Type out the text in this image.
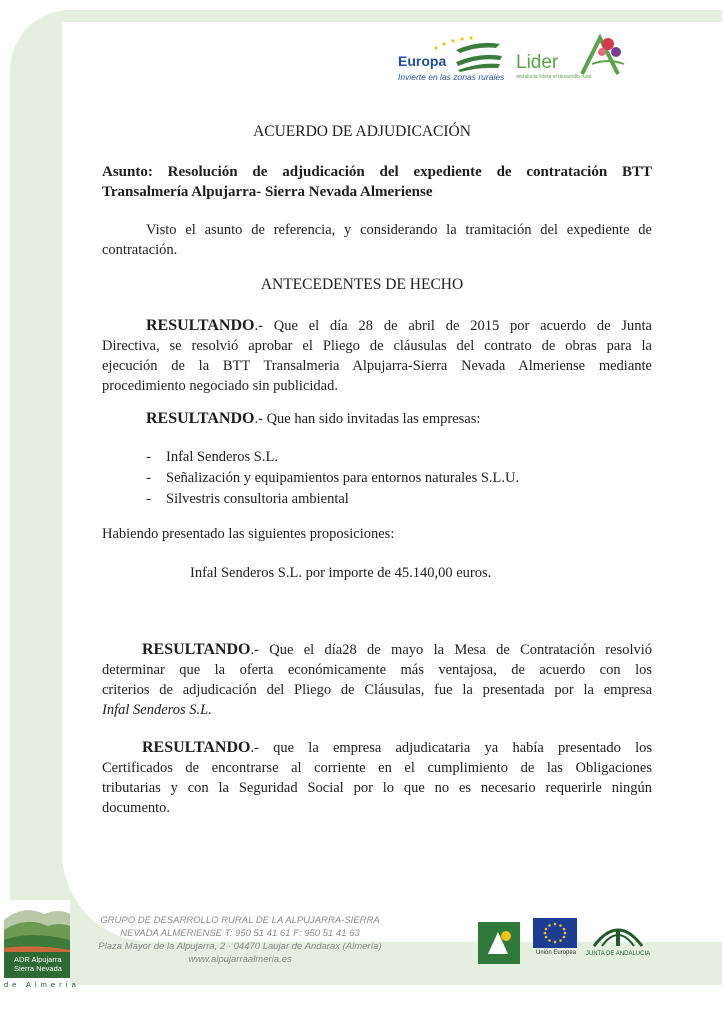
Europa
Invierte en las zonas rurales
Lider
andalucía lidera el desarrollo rural
ACUERDO DE ADJUDICACIÓN
Asunto: Resolución de adjudicación del expediente de contratación BTT
Transalmería Alpujarra- Sierra Nevada Almeriense
Visto el asunto de referencia, y considerando la tramitación del expediente de
contratación.
ANTECEDENTES DE HECHO
RESULTANDO.- Que el día 28 de abril de 2015 por acuerdo de Junta
Directiva, se resolvió aprobar el Pliego de cláusulas del contrato de obras para la
ejecución de la BTT Transalmeria Alpujarra-Sierra Nevada Almeriense mediante
procedimiento negociado sin publicidad.
RESULTANDO.- Que han sido invitadas las empresas:
- Infal Senderos S.L.
- Señalización y equipamientos para entornos naturales S.L.U.
- Silvestris consultoria ambiental
Habiendo presentado las siguientes proposiciones:
Infal Senderos S.L. por importe de 45.140,00 euros.
RESULTANDO.- Que el día28 de mayo la Mesa de Contratación resolvió
determinar que la oferta económicamente más ventajosa, de acuerdo con los
criterios de adjudicación del Pliego de Cláusulas, fue la presentada por la empresa
Infal Senderos S.L.
RESULTANDO.- que la empresa adjudicataria ya había presentado los
Certificados de encontrarse al corriente en el cumplimiento de las Obligaciones
tributarias y con la Seguridad Social por lo que no es necesario requerirle ningún
documento.
ADR Alpujarra Sierra Nevada
de Almería
GRUPO DE DESARROLLO RURAL DE LA ALPUJARRA-SIERRA
NEVADA ALMERIENSE T: 950 51 41 61 F: 950 51 41 63
Plaza Mayor de la Alpujarra, 2 · 04470 Laujar de Andarax (Almería)
www.alpujarraalmeria.es
Unión Europea	JUNTA DE ANDALUCIA
